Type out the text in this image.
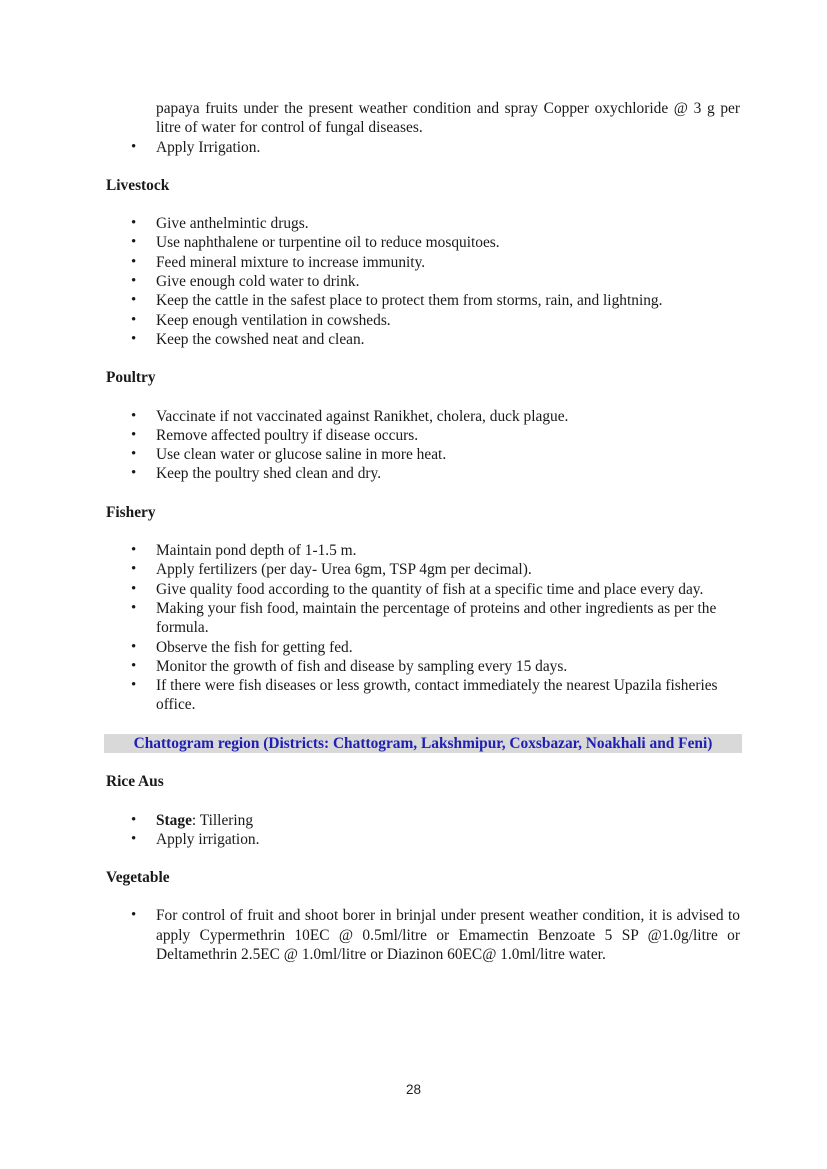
papaya fruits under the present weather condition and spray Copper oxychloride @ 3 g per litre of water for control of fungal diseases.

• Apply Irrigation.
Livestock
• Give anthelmintic drugs.
• Use naphthalene or turpentine oil to reduce mosquitoes.
• Feed mineral mixture to increase immunity.
• Give enough cold water to drink.
• Keep the cattle in the safest place to protect them from storms, rain, and lightning.
• Keep enough ventilation in cowsheds.
• Keep the cowshed neat and clean.
Poultry
• Vaccinate if not vaccinated against Ranikhet, cholera, duck plague.
• Remove affected poultry if disease occurs.
• Use clean water or glucose saline in more heat.
• Keep the poultry shed clean and dry.
Fishery
• Maintain pond depth of 1-1.5 m.
• Apply fertilizers (per day- Urea 6gm, TSP 4gm per decimal).
• Give quality food according to the quantity of fish at a specific time and place every day.
• Making your fish food, maintain the percentage of proteins and other ingredients as per the formula.
• Observe the fish for getting fed.
• Monitor the growth of fish and disease by sampling every 15 days.
• If there were fish diseases or less growth, contact immediately the nearest Upazila fisheries office.
Chattogram region (Districts: Chattogram, Lakshmipur, Coxsbazar, Noakhali and Feni)
Rice Aus
• Stage: Tillering
• Apply irrigation.
Vegetable
• For control of fruit and shoot borer in brinjal under present weather condition, it is advised to apply Cypermethrin 10EC @ 0.5ml/litre or Emamectin Benzoate 5 SP @1.0g/litre or Deltamethrin 2.5EC @ 1.0ml/litre or Diazinon 60EC@ 1.0ml/litre water.
28
